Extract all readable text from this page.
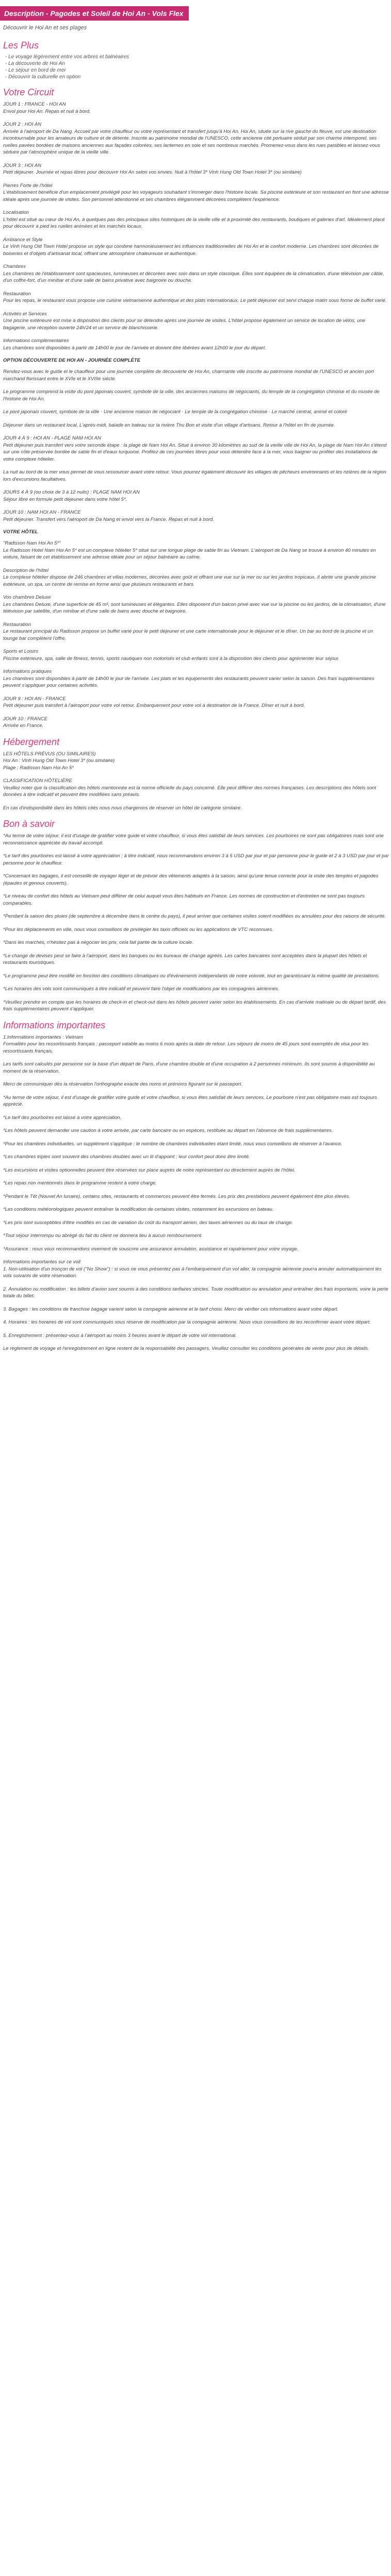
Description - Pagodes et Soleil de Hoi An - Vols Flex
Découvrir le Hoi An et ses plages
Les Plus
- Le voyage légèrement entre vos arbres et balnéaires
- La découverte de Hoi An
- Le séjour en bord de mer
- Découvrir la culturelle en option
Votre Circuit

JOUR 1 : FRANCE - HOI AN
Envol pour Hoi An. Repas et nuit à bord.

JOUR 2 : HOI AN
Arrivée à l'aéroport de Da Nang. Accueil par votre chauffeur ou votre représentant et transfert jusqu'à Hoi An. Hoi An, située sur la rive gauche du fleuve, est une destination incontournable pour les amateurs de culture et de détente. Inscrite au patrimoine mondial de l'UNESCO, cette ancienne cité portuaire séduit par son charme intemporel, ses ruelles pavées bordées de maisons anciennes aux façades colorées, ses lanternes en soie et ses nombreux marchés. Promenez-vous dans les rues paisibles et laissez-vous séduire par l'atmosphère unique de la vieille ville.

JOUR 3 : HOI AN
Petit déjeuner. Journée et repas libres pour découvrir Hoi An selon vos envies. Nuit à l'hôtel 3* Vinh Hung Old Town Hotel 3* (ou similaire)

Pierres Forte de l'hôtel
L'établissement bénéficie d'un emplacement privilégié pour les voyageurs souhaitant s'immerger dans l'histoire locale. Sa piscine extérieure et son restaurant en font une adresse idéale après une journée de visites. Son personnel attentionné et ses chambres élégamment décorées complètent l'expérience.

Localisation
L'hôtel est situé au cœur de Hoi An, à quelques pas des principaux sites historiques de la vieille ville et à proximité des restaurants, boutiques et galeries d'art. Idéalement placé pour découvrir à pied les ruelles animées et les marchés locaux.

Ambiance et Style
Le Vinh Hung Old Town Hotel propose un style qui combine harmonieusement les influences traditionnelles de Hoi An et le confort moderne. Les chambres sont décorées de boiseries et d'objets d'artisanat local, offrant une atmosphère chaleureuse et authentique.

Chambres
Les chambres de l'établissement sont spacieuses, lumineuses et décorées avec soin dans un style classique. Elles sont équipées de la climatisation, d'une télévision par câble, d'un coffre-fort, d'un minibar et d'une salle de bains privative avec baignoire ou douche.

Restauration
Pour les repas, le restaurant vous propose une cuisine vietnamienne authentique et des plats internationaux. Le petit déjeuner est servi chaque matin sous forme de buffet varié.

Activités et Services
Une piscine extérieure est mise à disposition des clients pour se détendre après une journée de visites. L'hôtel propose également un service de location de vélos, une bagagerie, une réception ouverte 24h/24 et un service de blanchisserie.

Informations complémentaires
Les chambres sont disponibles à partir de 14h00 le jour de l'arrivée et doivent être libérées avant 12h00 le jour du départ.

OPTION DÉCOUVERTE DE HOI AN - JOURNÉE COMPLÈTE

Rendez-vous avec le guide et le chauffeur pour une journée complète de découverte de Hoi An, charmante ville inscrite au patrimoine mondial de l'UNESCO et ancien port marchand florissant entre le XVIe et le XVIIIe siècle.

Le programme comprend la visite du pont japonais couvert, symbole de la ville, des anciennes maisons de négociants, du temple de la congrégation chinoise et du musée de l'histoire de Hoi An.

Le pont japonais couvert, symbole de la ville · Une ancienne maison de négociant · Le temple de la congrégation chinoise · Le marché central, animé et coloré

Déjeuner dans un restaurant local. L'après-midi, balade en bateau sur la rivière Thu Bon et visite d'un village d'artisans. Retour à l'hôtel en fin de journée.

JOUR 4 À 9 : HOI AN - PLAGE NAM HOI AN
Petit déjeuner puis transfert vers votre seconde étape : la plage de Nam Hoi An. Situé à environ 30 kilomètres au sud de la vieille ville de Hoi An, la plage de Nam Hoi An s'étend sur une côte préservée bordée de sable fin et d'eaux turquoise. Profitez de ces journées libres pour vous détendre face à la mer, vous baigner ou profiter des installations de votre complexe hôtelier.

La nuit au bord de la mer vous permet de vous ressourcer avant votre retour. Vous pourrez également découvrir les villages de pêcheurs environnants et les rizières de la région lors d'excursions facultatives.

JOURS 4 À 9 (ou choix de 3 à 12 nuits) : PLAGE NAM HOI AN
Séjour libre en formule petit déjeuner dans votre hôtel 5*.

JOUR 10 : NAM HOI AN - FRANCE
Petit déjeuner. Transfert vers l'aéroport de Da Nang et envol vers la France. Repas et nuit à bord.

VOTRE HÔTEL

"Radisson Nam Hoi An 5*"
Le Radisson Hotel Nam Hoi An 5* est un complexe hôtelier 5* situé sur une longue plage de sable fin au Vietnam. L'aéroport de Da Nang se trouve à environ 40 minutes en voiture, faisant de cet établissement une adresse idéale pour un séjour balnéaire au calme.

Description de l'hôtel
Le complexe hôtelier dispose de 246 chambres et villas modernes, décorées avec goût et offrant une vue sur la mer ou sur les jardins tropicaux. Il abrite une grande piscine extérieure, un spa, un centre de remise en forme ainsi que plusieurs restaurants et bars.

Vos chambres Deluxe
Les chambres Deluxe, d'une superficie de 45 m², sont lumineuses et élégantes. Elles disposent d'un balcon privé avec vue sur la piscine ou les jardins, de la climatisation, d'une télévision par satellite, d'un minibar et d'une salle de bains avec douche et baignoire.

Restauration
Le restaurant principal du Radisson propose un buffet varié pour le petit déjeuner et une carte internationale pour le déjeuner et le dîner. Un bar au bord de la piscine et un lounge bar complètent l'offre.

Sports et Loisirs
Piscine extérieure, spa, salle de fitness, tennis, sports nautiques non motorisés et club enfants sont à la disposition des clients pour agrémenter leur séjour.

Informations pratiques
Les chambres sont disponibles à partir de 14h00 le jour de l'arrivée. Les plats et les équipements des restaurants peuvent varier selon la saison. Des frais supplémentaires peuvent s'appliquer pour certaines activités.

JOUR 9 : HOI AN - FRANCE
Petit déjeuner puis transfert à l'aéroport pour votre vol retour. Embarquement pour votre vol à destination de la France. Dîner et nuit à bord.

JOUR 10 : FRANCE
Arrivée en France.

Hébergement

LES HÔTELS PRÉVUS (OU SIMILAIRES)
Hoi An : Vinh Hung Old Town Hotel 3* (ou similaire)
Plage : Radisson Nam Hoi An 5*

CLASSIFICATION HÔTELIÈRE
Veuillez noter que la classification des hôtels mentionnée est la norme officielle du pays concerné. Elle peut différer des normes françaises. Les descriptions des hôtels sont données à titre indicatif et peuvent être modifiées sans préavis.

En cas d'indisponibilité dans les hôtels cités nous nous chargerons de réserver un hôtel de catégorie similaire.

Bon à savoir

*Au terme de votre séjour, il est d'usage de gratifier votre guide et votre chauffeur, si vous êtes satisfait de leurs services. Les pourboires ne sont pas obligatoires mais sont une reconnaissance appréciée du travail accompli.

*Le tarif des pourboires est laissé à votre appréciation ; à titre indicatif, nous recommandons environ 3 à 5 USD par jour et par personne pour le guide et 2 à 3 USD par jour et par personne pour le chauffeur.

*Concernant les bagages, il est conseillé de voyager léger et de prévoir des vêtements adaptés à la saison, ainsi qu'une tenue correcte pour la visite des temples et pagodes (épaules et genoux couverts).

*Le niveau de confort des hôtels au Vietnam peut différer de celui auquel vous êtes habitués en France. Les normes de construction et d'entretien ne sont pas toujours comparables.

*Pendant la saison des pluies (de septembre à décembre dans le centre du pays), il peut arriver que certaines visites soient modifiées ou annulées pour des raisons de sécurité.

*Pour les déplacements en ville, nous vous conseillons de privilégier les taxis officiels ou les applications de VTC reconnues.

*Dans les marchés, n'hésitez pas à négocier les prix, cela fait partie de la culture locale.

*Le change de devises peut se faire à l'aéroport, dans les banques ou les bureaux de change agréés. Les cartes bancaires sont acceptées dans la plupart des hôtels et restaurants touristiques.

*Le programme peut être modifié en fonction des conditions climatiques ou d'événements indépendants de notre volonté, tout en garantissant la même qualité de prestations.

*Les horaires des vols sont communiqués à titre indicatif et peuvent faire l'objet de modifications par les compagnies aériennes.

*Veuillez prendre en compte que les horaires de check-in et check-out dans les hôtels peuvent varier selon les établissements. En cas d'arrivée matinale ou de départ tardif, des frais supplémentaires peuvent s'appliquer.

Informations importantes

1.Informations importantes : Vietnam
Formalités pour les ressortissants français : passeport valable au moins 6 mois après la date de retour. Les séjours de moins de 45 jours sont exemptés de visa pour les ressortissants français.

Les tarifs sont calculés par personne sur la base d'un départ de Paris, d'une chambre double et d'une occupation à 2 personnes minimum. Ils sont soumis à disponibilité au moment de la réservation.

Merci de communiquer dès la réservation l'orthographe exacte des noms et prénoms figurant sur le passeport.

*Au terme de votre séjour, il est d'usage de gratifier votre guide et votre chauffeur, si vous êtes satisfait de leurs services. Le pourboire n'est pas obligatoire mais est toujours apprécié.

*Le tarif des pourboires est laissé à votre appréciation.

*Les hôtels peuvent demander une caution à votre arrivée, par carte bancaire ou en espèces, restituée au départ en l'absence de frais supplémentaires.

*Pour les chambres individuelles, un supplément s'applique ; le nombre de chambres individuelles étant limité, nous vous conseillons de réserver à l'avance.

*Les chambres triples sont souvent des chambres doubles avec un lit d'appoint ; leur confort peut donc être limité.

*Les excursions et visites optionnelles peuvent être réservées sur place auprès de notre représentant ou directement auprès de l'hôtel.

*Les repas non mentionnés dans le programme restent à votre charge.

*Pendant le Têt (Nouvel An lunaire), certains sites, restaurants et commerces peuvent être fermés. Les prix des prestations peuvent également être plus élevés.

*Les conditions météorologiques peuvent entraîner la modification de certaines visites, notamment les excursions en bateau.

*Les prix sont susceptibles d'être modifiés en cas de variation du coût du transport aérien, des taxes aériennes ou du taux de change.

*Tout séjour interrompu ou abrégé du fait du client ne donnera lieu à aucun remboursement.

*Assurance : nous vous recommandons vivement de souscrire une assurance annulation, assistance et rapatriement pour votre voyage.

Informations importantes sur ce voll
1. Non-utilisation d'un tronçon de vol ("No Show") : si vous ne vous présentez pas à l'embarquement d'un vol aller, la compagnie aérienne pourra annuler automatiquement les vols suivants de votre réservation.

2. Annulation ou modification : les billets d'avion sont soumis à des conditions tarifaires strictes. Toute modification ou annulation peut entraîner des frais importants, voire la perte totale du billet.

3. Bagages : les conditions de franchise bagage varient selon la compagnie aérienne et le tarif choisi. Merci de vérifier ces informations avant votre départ.

4. Horaires : les horaires de vol sont communiqués sous réserve de modification par la compagnie aérienne. Nous vous conseillons de les reconfirmer avant votre départ.

5. Enregistrement : présentez-vous à l'aéroport au moins 3 heures avant le départ de votre vol international.

Le règlement de voyage et l'enregistrement en ligne restent de la responsabilité des passagers. Veuillez consulter les conditions générales de vente pour plus de détails.
